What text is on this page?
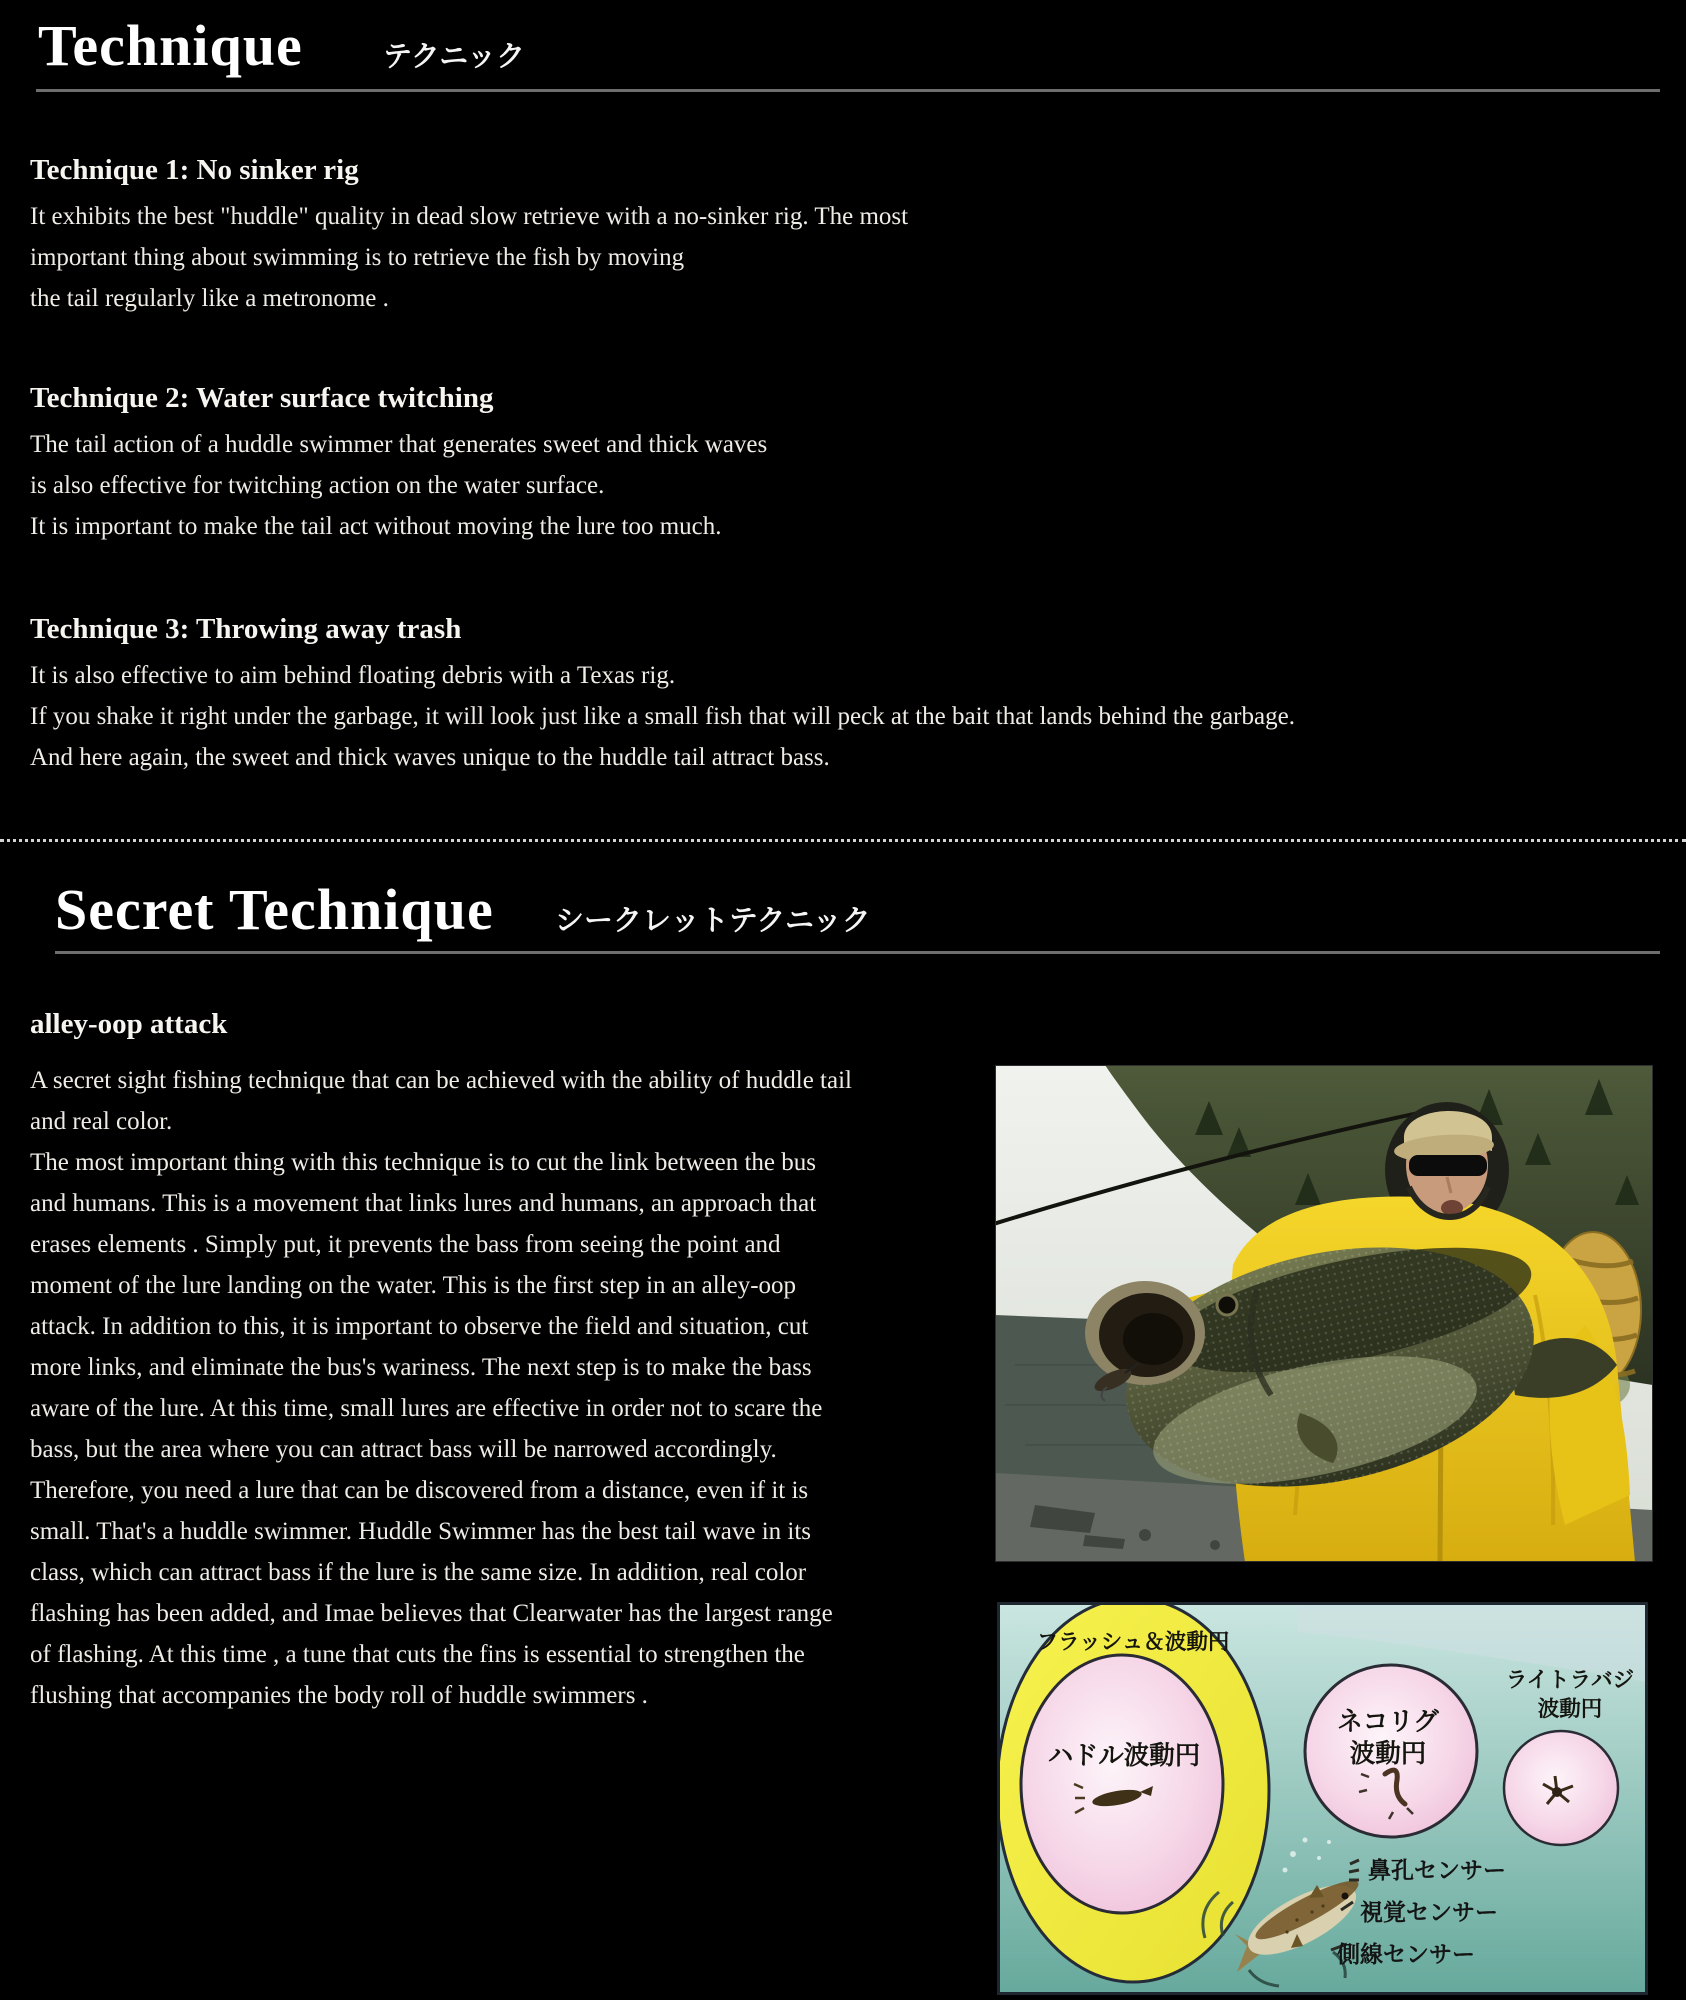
Technique	テクニック
Technique 1: No sinker rig
It exhibits the best "huddle" quality in dead slow retrieve with a no-sinker rig. The most
important thing about swimming is to retrieve the fish by moving
the tail regularly like a metronome .
Technique 2: Water surface twitching
The tail action of a huddle swimmer that generates sweet and thick waves
is also effective for twitching action on the water surface.
It is important to make the tail act without moving the lure too much.
Technique 3: Throwing away trash
It is also effective to aim behind floating debris with a Texas rig.
If you shake it right under the garbage, it will look just like a small fish that will peck at the bait that lands behind the garbage.
And here again, the sweet and thick waves unique to the huddle tail attract bass.
Secret Technique シークレットテクニック
alley-oop attack
A secret sight fishing technique that can be achieved with the ability of huddle tail
and real color.
The most important thing with this technique is to cut the link between the bus
and humans. This is a movement that links lures and humans, an approach that
erases elements . Simply put, it prevents the bass from seeing the point and
moment of the lure landing on the water. This is the first step in an alley-oop
attack. In addition to this, it is important to observe the field and situation, cut
more links, and eliminate the bus's wariness. The next step is to make the bass
aware of the lure. At this time, small lures are effective in order not to scare the
bass, but the area where you can attract bass will be narrowed accordingly.
Therefore, you need a lure that can be discovered from a distance, even if it is
small. That's a huddle swimmer. Huddle Swimmer has the best tail wave in its
class, which can attract bass if the lure is the same size. In addition, real color
flashing has been added, and Imae believes that Clearwater has the largest range
of flashing. At this time , a tune that cuts the fins is essential to strengthen the
flushing that accompanies the body roll of huddle swimmers .
フラッシュ＆波動円
ハドル波動円
ネコリグ
波動円
ライトラバジ
波動円
鼻孔センサー
視覚センサー
側線センサー
